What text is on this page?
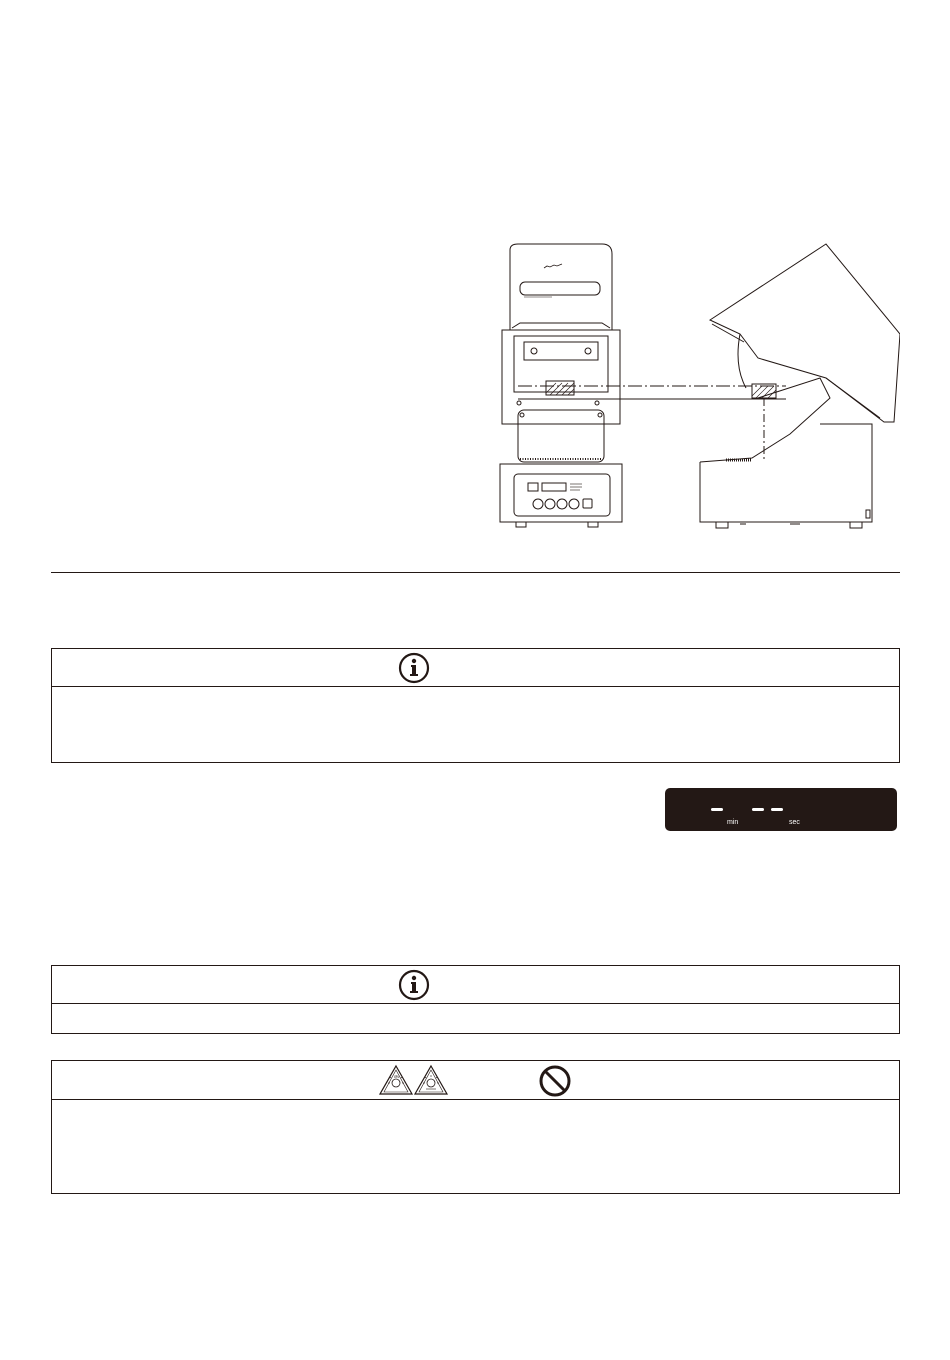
min	sec
UV
